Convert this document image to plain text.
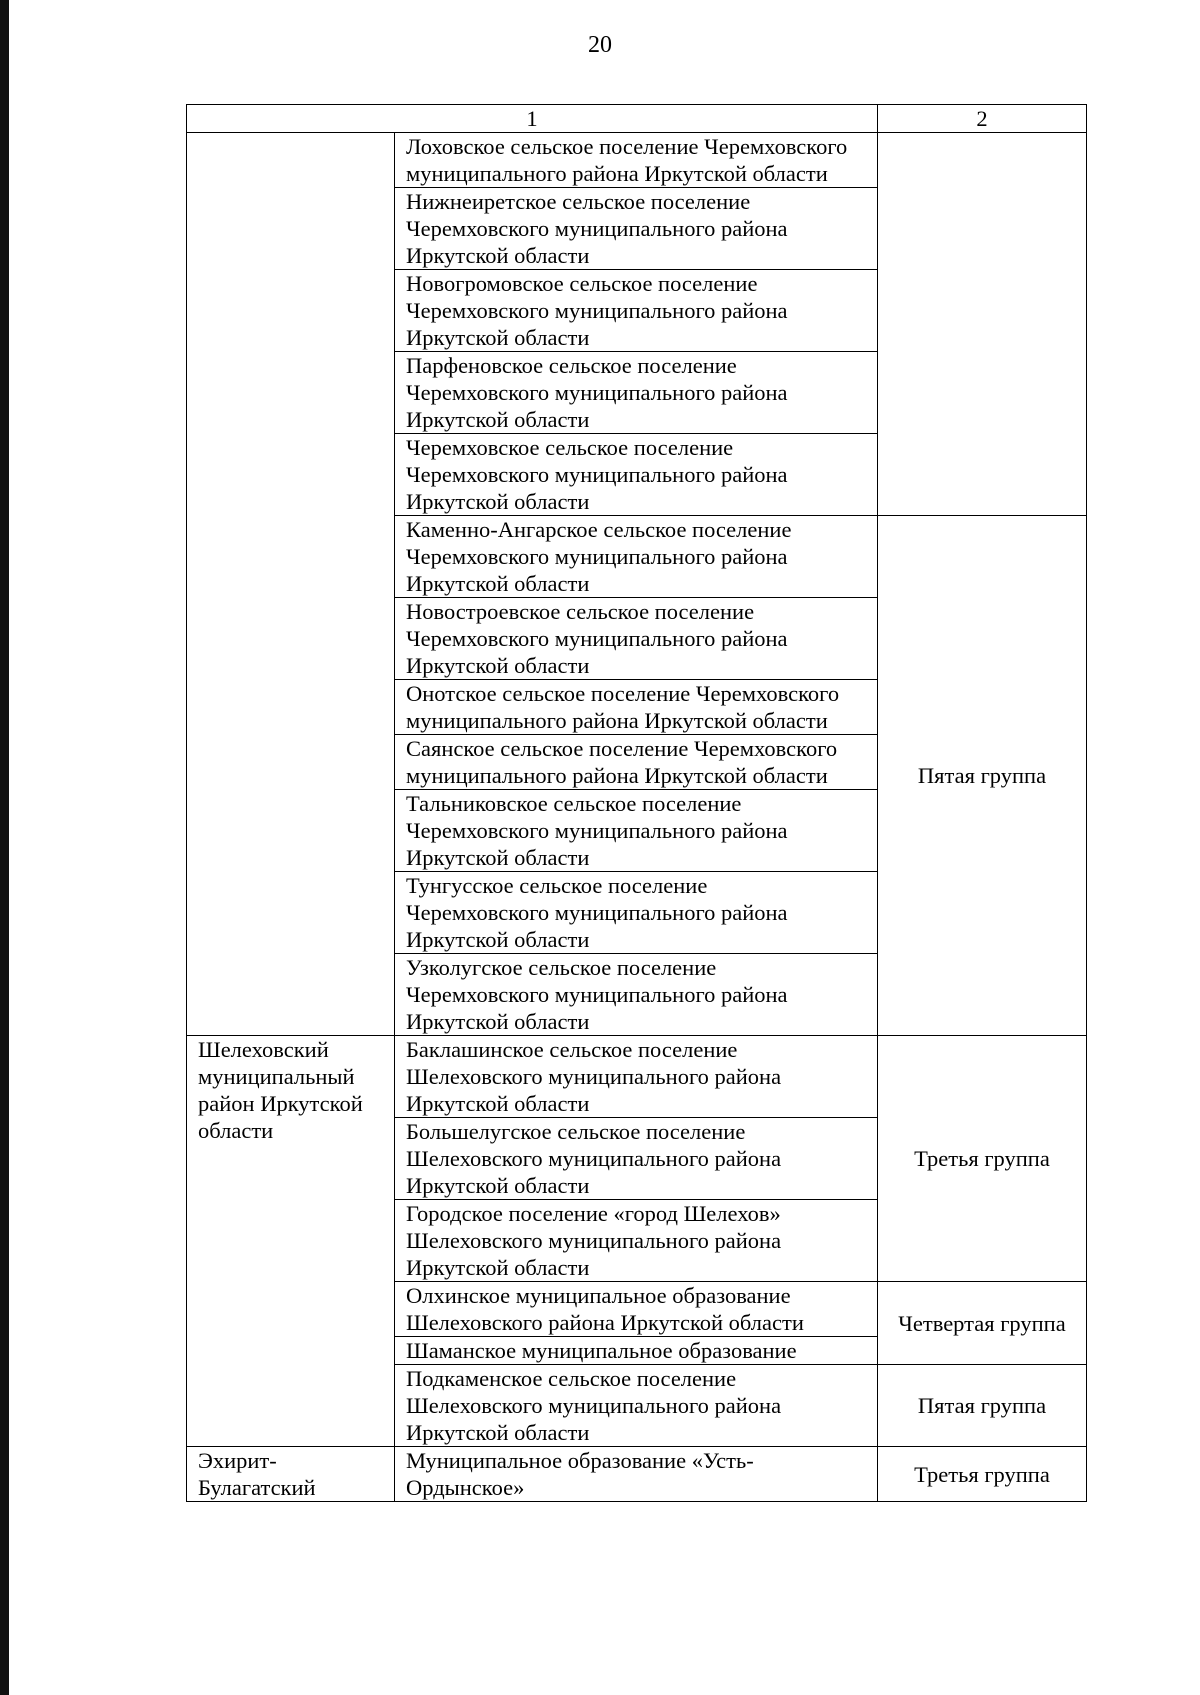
20
1		2
	Лоховское сельское поселение Черемховского
муниципального района Иркутской области	
	Нижнеиретское сельское поселение
Черемховского муниципального района
Иркутской области	
	Новогромовское сельское поселение
Черемховского муниципального района
Иркутской области	
	Парфеновское сельское поселение
Черемховского муниципального района
Иркутской области	
	Черемховское сельское поселение
Черемховского муниципального района
Иркутской области	
	Каменно-Ангарское сельское поселение
Черемховского муниципального района
Иркутской области	Пятая группа
	Новостроевское сельское поселение
Черемховского муниципального района
Иркутской области	
	Онотское сельское поселение Черемховского
муниципального района Иркутской области	
	Саянское сельское поселение Черемховского
муниципального района Иркутской области	
	Тальниковское сельское поселение
Черемховского муниципального района
Иркутской области	
	Тунгусское сельское поселение
Черемховского муниципального района
Иркутской области	
	Узколугское сельское поселение
Черемховского муниципального района
Иркутской области	
Шелеховский
муниципальный
район Иркутской
области	Баклашинское сельское поселение
Шелеховского муниципального района
Иркутской области	Третья группа
	Большелугское сельское поселение
Шелеховского муниципального района
Иркутской области	
	Городское поселение «город Шелехов»
Шелеховского муниципального района
Иркутской области	
	Олхинское муниципальное образование
Шелеховского района Иркутской области	Четвертая группа
	Шаманское муниципальное образование	
	Подкаменское сельское поселение
Шелеховского муниципального района
Иркутской области	Пятая группа
Эхирит-
Булагатский	Муниципальное образование «Усть-
Ордынское»	Третья группа
